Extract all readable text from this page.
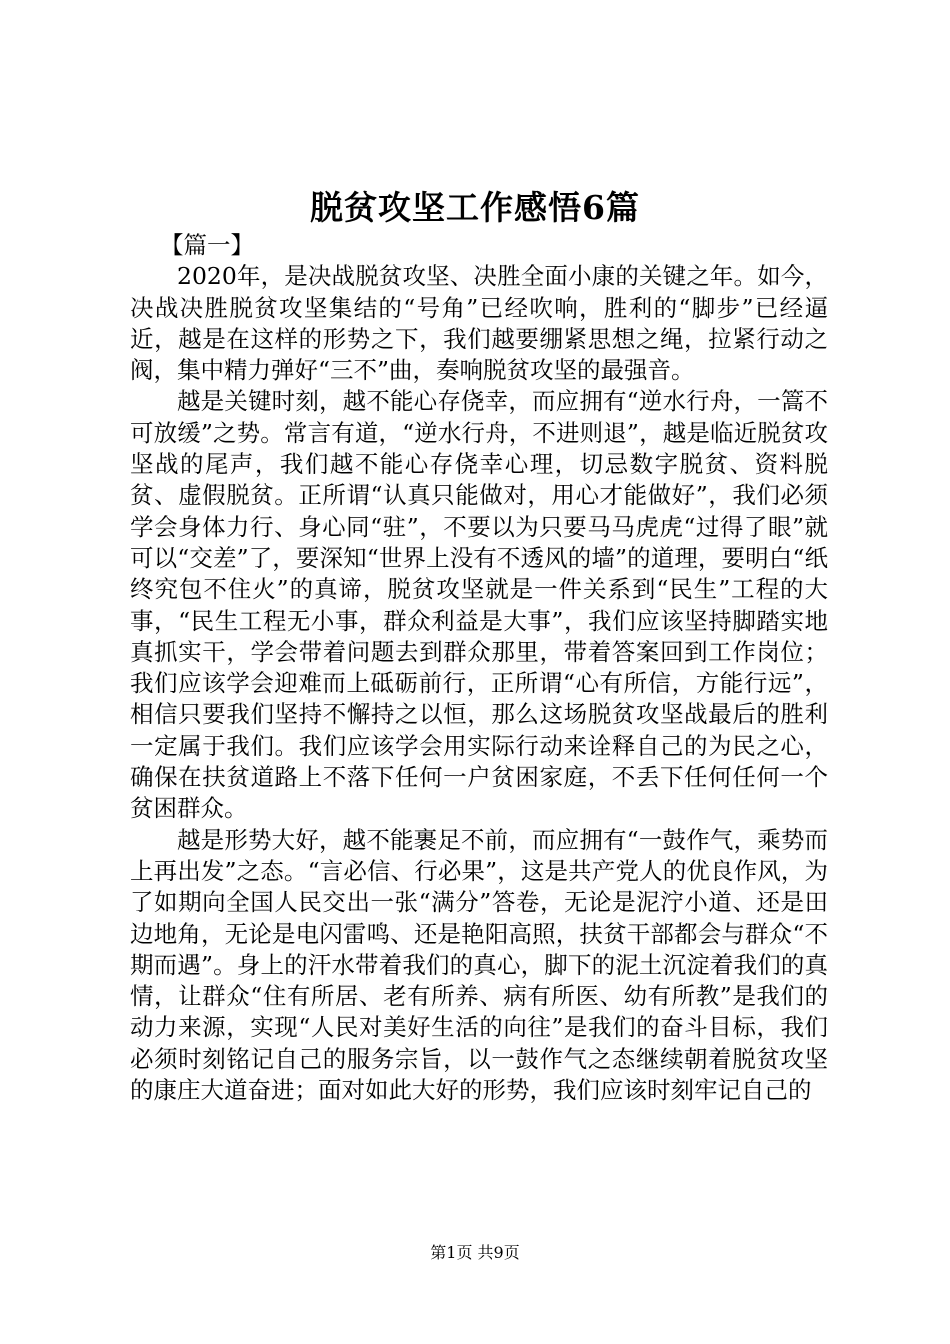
脱贫攻坚工作感悟6篇

【篇一】

2020年，是决战脱贫攻坚、决胜全面小康的关键之年。如今，决战决胜脱贫攻坚集结的“号角”已经吹响，胜利的“脚步”已经逼近，越是在这样的形势之下，我们越要绷紧思想之绳，拉紧行动之阀，集中精力弹好“三不”曲，奏响脱贫攻坚的最强音。

越是关键时刻，越不能心存侥幸，而应拥有“逆水行舟，一篙不可放缓”之势。常言有道，“逆水行舟，不进则退”，越是临近脱贫攻坚战的尾声，我们越不能心存侥幸心理，切忌数字脱贫、资料脱贫、虚假脱贫。正所谓“认真只能做对，用心才能做好”，我们必须学会身体力行、身心同“驻”，不要以为只要马马虎虎“过得了眼”就可以“交差”了，要深知“世界上没有不透风的墙”的道理，要明白“纸终究包不住火”的真谛，脱贫攻坚就是一件关系到“民生”工程的大事，“民生工程无小事，群众利益是大事”，我们应该坚持脚踏实地真抓实干，学会带着问题去到群众那里，带着答案回到工作岗位；我们应该学会迎难而上砥砺前行，正所谓“心有所信，方能行远”，相信只要我们坚持不懈持之以恒，那么这场脱贫攻坚战最后的胜利一定属于我们。我们应该学会用实际行动来诠释自己的为民之心，确保在扶贫道路上不落下任何一户贫困家庭，不丢下任何任何一个贫困群众。

越是形势大好，越不能裹足不前，而应拥有“一鼓作气，乘势而上再出发”之态。“言必信、行必果”，这是共产党人的优良作风，为了如期向全国人民交出一张“满分”答卷，无论是泥泞小道、还是田边地角，无论是电闪雷鸣、还是艳阳高照，扶贫干部都会与群众“不期而遇”。身上的汗水带着我们的真心，脚下的泥土沉淀着我们的真情，让群众“住有所居、老有所养、病有所医、幼有所教”是我们的动力来源，实现“人民对美好生活的向往”是我们的奋斗目标，我们必须时刻铭记自己的服务宗旨，以一鼓作气之态继续朝着脱贫攻坚的康庄大道奋进；面对如此大好的形势，我们应该时刻牢记自己的

第1页 共9页
